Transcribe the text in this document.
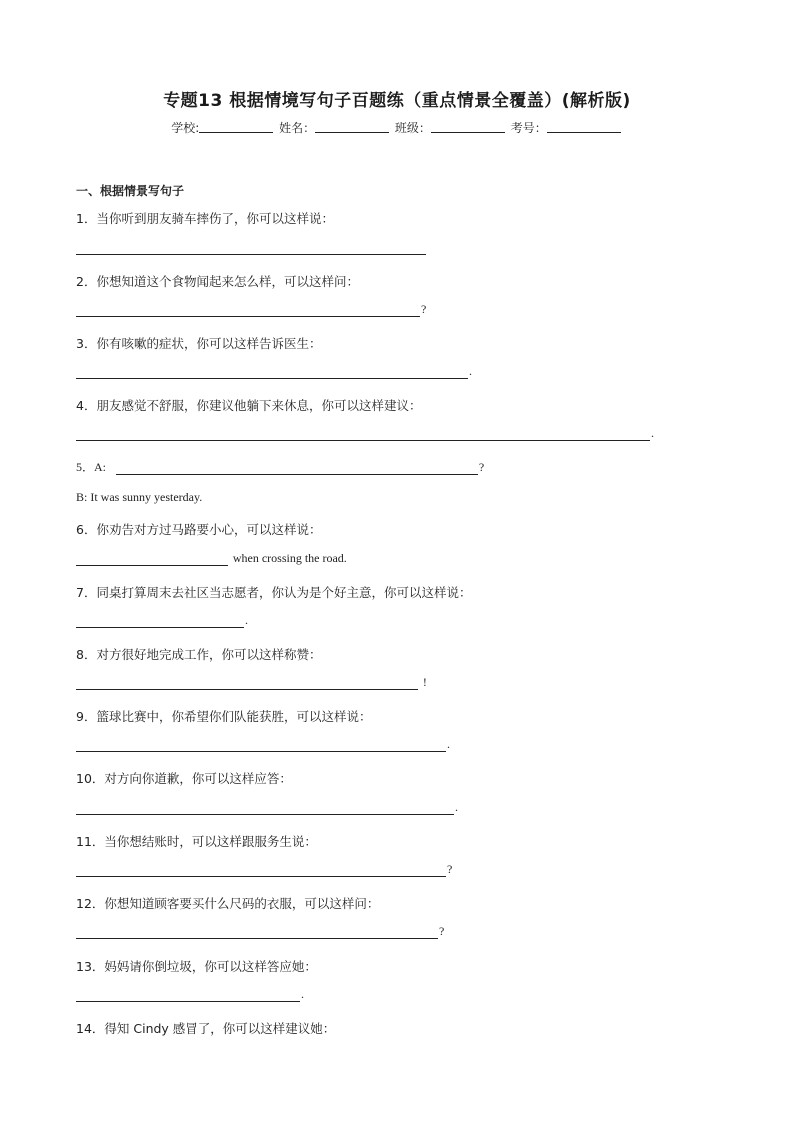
专题13 根据情境写句子百题练（重点情景全覆盖）(解析版)
学校:	姓名：	班级：	考号：
一、根据情景写句子
1．当你听到朋友骑车摔伤了，你可以这样说：
2．你想知道这个食物闻起来怎么样，可以这样问：
?
3．你有咳嗽的症状，你可以这样告诉医生：
.
4．朋友感觉不舒服，你建议他躺下来休息，你可以这样建议：
.
5．A:	?
B: It was sunny yesterday.
6．你劝告对方过马路要小心，可以这样说：
when crossing the road.
7．同桌打算周末去社区当志愿者，你认为是个好主意，你可以这样说：
.
8．对方很好地完成工作，你可以这样称赞：
!
9．篮球比赛中，你希望你们队能获胜，可以这样说：
.
10．对方向你道歉，你可以这样应答：
.
11．当你想结账时，可以这样跟服务生说：
?
12．你想知道顾客要买什么尺码的衣服，可以这样问：
?
13．妈妈请你倒垃圾，你可以这样答应她：
.
14．得知 Cindy 感冒了，你可以这样建议她：
